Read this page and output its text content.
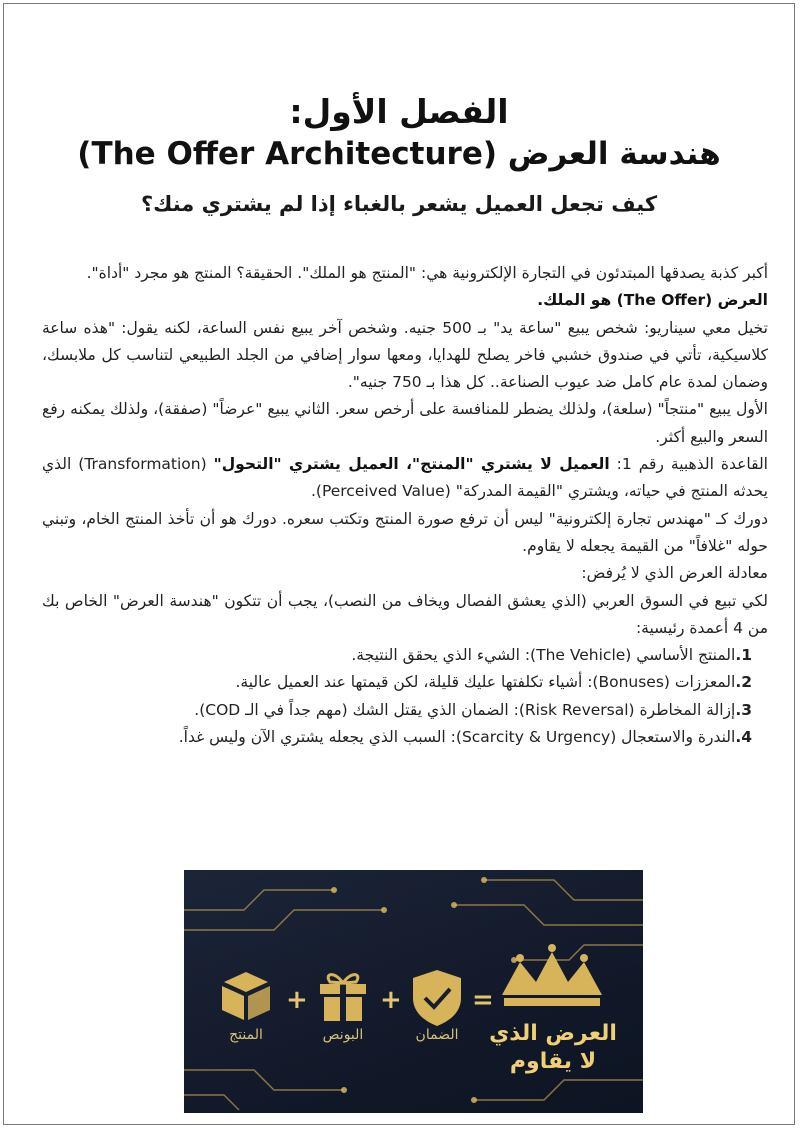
الفصل الأول:
هندسة العرض (The Offer Architecture)
كيف تجعل العميل يشعر بالغباء إذا لم يشتري منك؟

أكبر كذبة يصدقها المبتدئون في التجارة الإلكترونية هي: "المنتج هو الملك". الحقيقة؟ المنتج هو مجرد "أداة".

العرض (The Offer) هو الملك.

تخيل معي سيناريو: شخص يبيع "ساعة يد" بـ 500 جنيه. وشخص آخر يبيع نفس الساعة، لكنه يقول: "هذه ساعة كلاسيكية، تأتي في صندوق خشبي فاخر يصلح للهدايا، ومعها سوار إضافي من الجلد الطبيعي لتناسب كل ملابسك، وضمان لمدة عام كامل ضد عيوب الصناعة.. كل هذا بـ 750 جنيه".

الأول يبيع "منتجاً" (سلعة)، ولذلك يضطر للمنافسة على أرخص سعر. الثاني يبيع "عرضاً" (صفقة)، ولذلك يمكنه رفع السعر والبيع أكثر.

القاعدة الذهبية رقم 1: العميل لا يشتري "المنتج"، العميل يشتري "التحول" (Transformation) الذي يحدثه المنتج في حياته، ويشتري "القيمة المدركة" (Perceived Value).

دورك كـ "مهندس تجارة إلكترونية" ليس أن ترفع صورة المنتج وتكتب سعره. دورك هو أن تأخذ المنتج الخام، وتبني حوله "غلافاً" من القيمة يجعله لا يقاوم.

معادلة العرض الذي لا يُرفض:

لكي تبيع في السوق العربي (الذي يعشق الفصال ويخاف من النصب)، يجب أن تتكون "هندسة العرض" الخاص بك من 4 أعمدة رئيسية:

1.المنتج الأساسي (The Vehicle): الشيء الذي يحقق النتيجة.
2.المعززات (Bonuses): أشياء تكلفتها عليك قليلة، لكن قيمتها عند العميل عالية.
3.إزالة المخاطرة (Risk Reversal): الضمان الذي يقتل الشك (مهم جداً في الـ COD).
4.الندرة والاستعجال (Scarcity & Urgency): السبب الذي يجعله يشتري الآن وليس غداً.
المنتج
+
البونص
+
الضمان
=
العرض الذي
لا يقاوم
